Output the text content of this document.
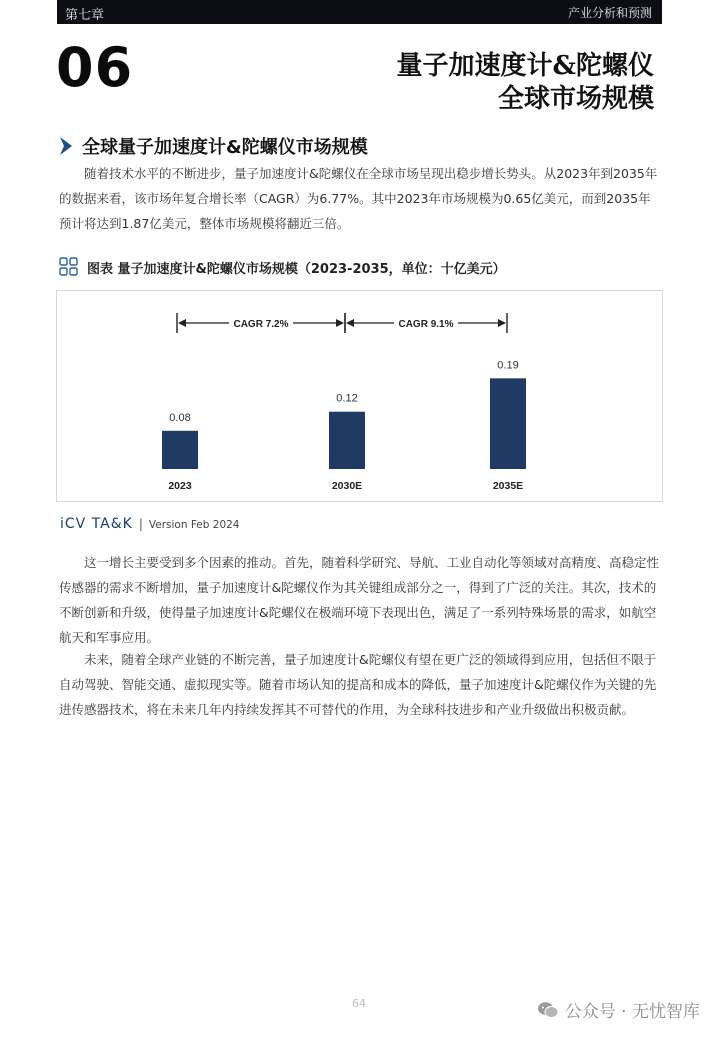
第七章	产业分析和预测
06	量子加速度计&陀螺仪
全球市场规模
全球量子加速度计&陀螺仪市场规模

随着技术水平的不断进步，量子加速度计&陀螺仪在全球市场呈现出稳步增长势头。从2023年到2035年的数据来看，该市场年复合增长率（CAGR）为6.77%。其中2023年市场规模为0.65亿美元，而到2035年预计将达到1.87亿美元，整体市场规模将翻近三倍。

图表 量子加速度计&陀螺仪市场规模（2023-2035，单位：十亿美元）
0.08
2023
0.12
2030E
0.19
2035E
CAGR 7.2%	CAGR 9.1%
iCV TA&K | Version Feb 2024

这一增长主要受到多个因素的推动。首先，随着科学研究、导航、工业自动化等领域对高精度、高稳定性传感器的需求不断增加，量子加速度计&陀螺仪作为其关键组成部分之一，得到了广泛的关注。其次，技术的不断创新和升级，使得量子加速度计&陀螺仪在极端环境下表现出色，满足了一系列特殊场景的需求，如航空航天和军事应用。

未来，随着全球产业链的不断完善，量子加速度计&陀螺仪有望在更广泛的领域得到应用，包括但不限于自动驾驶、智能交通、虚拟现实等。随着市场认知的提高和成本的降低，量子加速度计&陀螺仪作为关键的先进传感器技术，将在未来几年内持续发挥其不可替代的作用，为全球科技进步和产业升级做出积极贡献。

64	公众号 · 无忧智库
